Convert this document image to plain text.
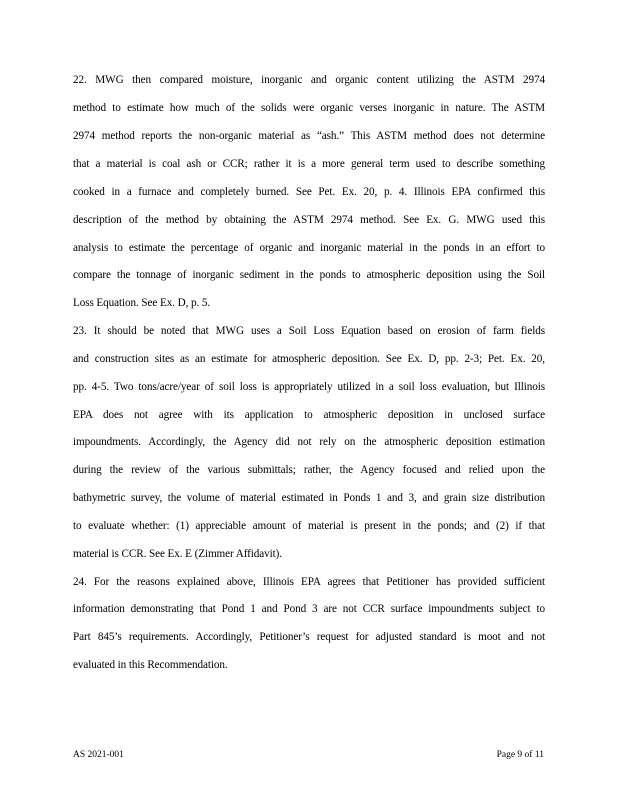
22. MWG then compared moisture, inorganic and organic content utilizing the ASTM 2974
method to estimate how much of the solids were organic verses inorganic in nature. The ASTM
2974 method reports the non-organic material as “ash.” This ASTM method does not determine
that a material is coal ash or CCR; rather it is a more general term used to describe something
cooked in a furnace and completely burned. See Pet. Ex. 20, p. 4. Illinois EPA confirmed this
description of the method by obtaining the ASTM 2974 method. See Ex. G. MWG used this
analysis to estimate the percentage of organic and inorganic material in the ponds in an effort to
compare the tonnage of inorganic sediment in the ponds to atmospheric deposition using the Soil
Loss Equation. See Ex. D, p. 5.
23. It should be noted that MWG uses a Soil Loss Equation based on erosion of farm fields
and construction sites as an estimate for atmospheric deposition. See Ex. D, pp. 2-3; Pet. Ex. 20,
pp. 4-5. Two tons/acre/year of soil loss is appropriately utilized in a soil loss evaluation, but Illinois
EPA does not agree with its application to atmospheric deposition in unclosed surface
impoundments. Accordingly, the Agency did not rely on the atmospheric deposition estimation
during the review of the various submittals; rather, the Agency focused and relied upon the
bathymetric survey, the volume of material estimated in Ponds 1 and 3, and grain size distribution
to evaluate whether: (1) appreciable amount of material is present in the ponds; and (2) if that
material is CCR. See Ex. E (Zimmer Affidavit).
24. For the reasons explained above, Illinois EPA agrees that Petitioner has provided sufficient
information demonstrating that Pond 1 and Pond 3 are not CCR surface impoundments subject to
Part 845’s requirements. Accordingly, Petitioner’s request for adjusted standard is moot and not
evaluated in this Recommendation.
AS 2021-001	Page 9 of 11
